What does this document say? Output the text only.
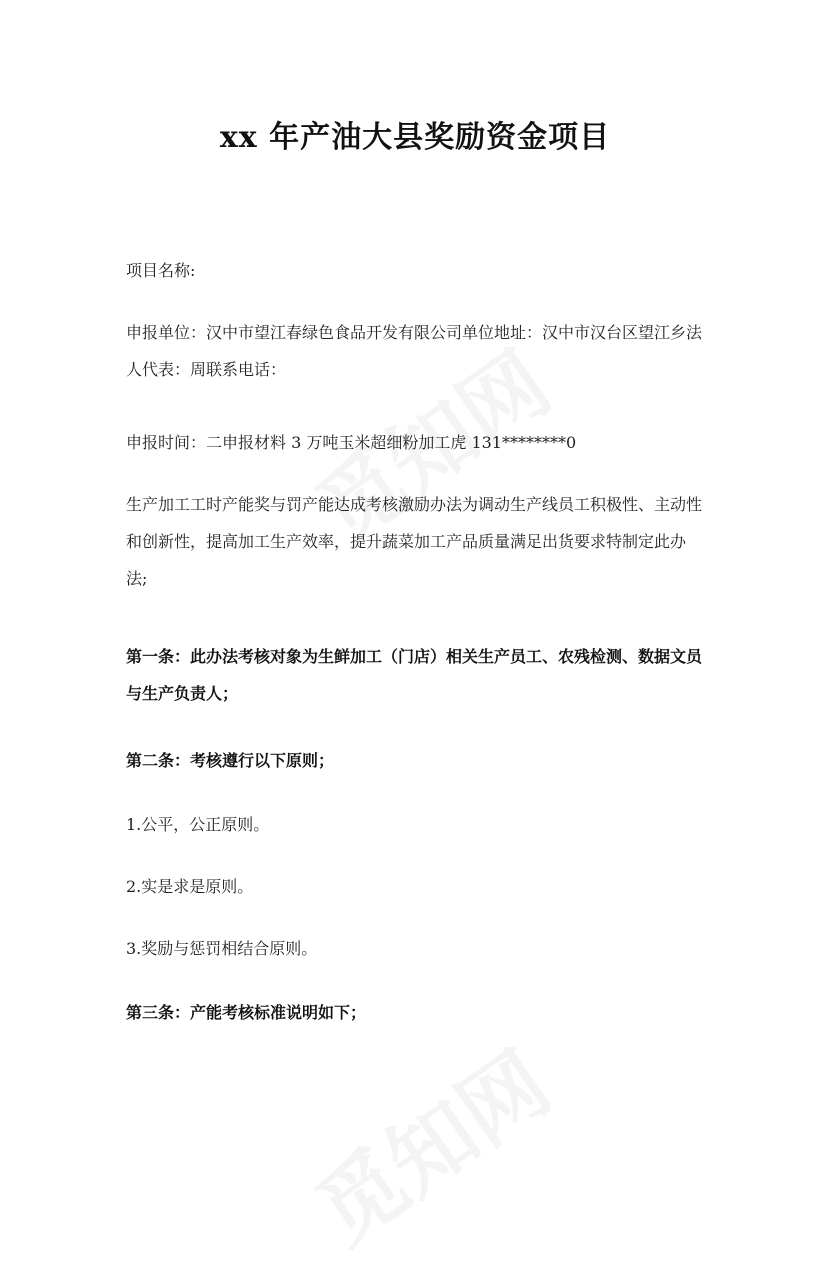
xx 年产油大县奖励资金项目
项目名称:
申报单位：汉中市望江春绿色食品开发有限公司单位地址：汉中市汉台区望江乡法人代表：周联系电话：
申报时间：二申报材料 3 万吨玉米超细粉加工虎 131********0
生产加工工时产能奖与罚产能达成考核激励办法为调动生产线员工积极性、主动性和创新性，提高加工生产效率，提升蔬菜加工产品质量满足出货要求特制定此办法;
第一条：此办法考核对象为生鲜加工（门店）相关生产员工、农残检测、数据文员与生产负责人；
第二条：考核遵行以下原则；
1.公平，公正原则。
2.实是求是原则。
3.奖励与惩罚相结合原则。
第三条：产能考核标准说明如下；
